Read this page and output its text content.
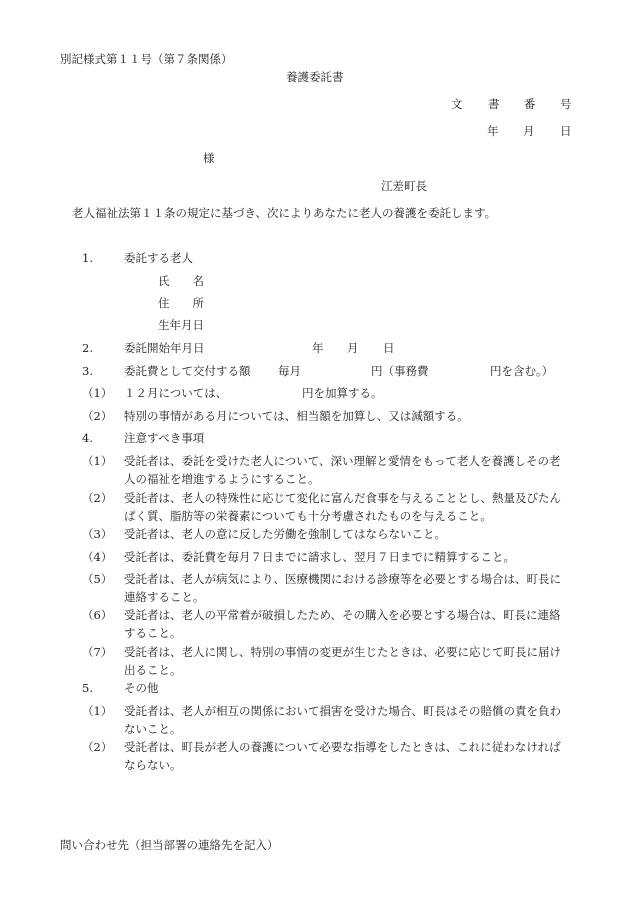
別記様式第１１号（第７条関係）
養護委託書
文 書 番 号
年 月 日
様
江差町長
老人福祉法第１１条の規定に基づき、次によりあなたに老人の養護を委託します。
1.	委託する老人
氏　　名
住　　所
生年月日
2.	委託開始年月日	年 月 日
3.	委託費として交付する額 毎月	円（事務費	円を含む。）
（1） １２月については、	円を加算する。
（2） 特別の事情がある月については、相当額を加算し、又は減額する。
4.	注意すべき事項
（1） 受託者は、委託を受けた老人について、深い理解と愛情をもって老人を養護しその老人の福祉を増進するようにすること。
（2） 受託者は、老人の特殊性に応じて変化に富んだ食事を与えることとし、熱量及びたんぱく質、脂肪等の栄養素についても十分考慮されたものを与えること。
（3） 受託者は、老人の意に反した労働を強制してはならないこと。
（4） 受託者は、委託費を毎月７日までに請求し、翌月７日までに精算すること。
（5） 受託者は、老人が病気により、医療機関における診療等を必要とする場合は、町長に連絡すること。
（6） 受託者は、老人の平常着が破損したため、その購入を必要とする場合は、町長に連絡すること。
（7） 受託者は、老人に関し、特別の事情の変更が生じたときは、必要に応じて町長に届け出ること。
5.	その他
（1） 受託者は、老人が相互の関係において損害を受けた場合、町長はその賠償の責を負わないこと。
（2） 受託者は、町長が老人の養護について必要な指導をしたときは、これに従わなければならない。
問い合わせ先（担当部署の連絡先を記入）
